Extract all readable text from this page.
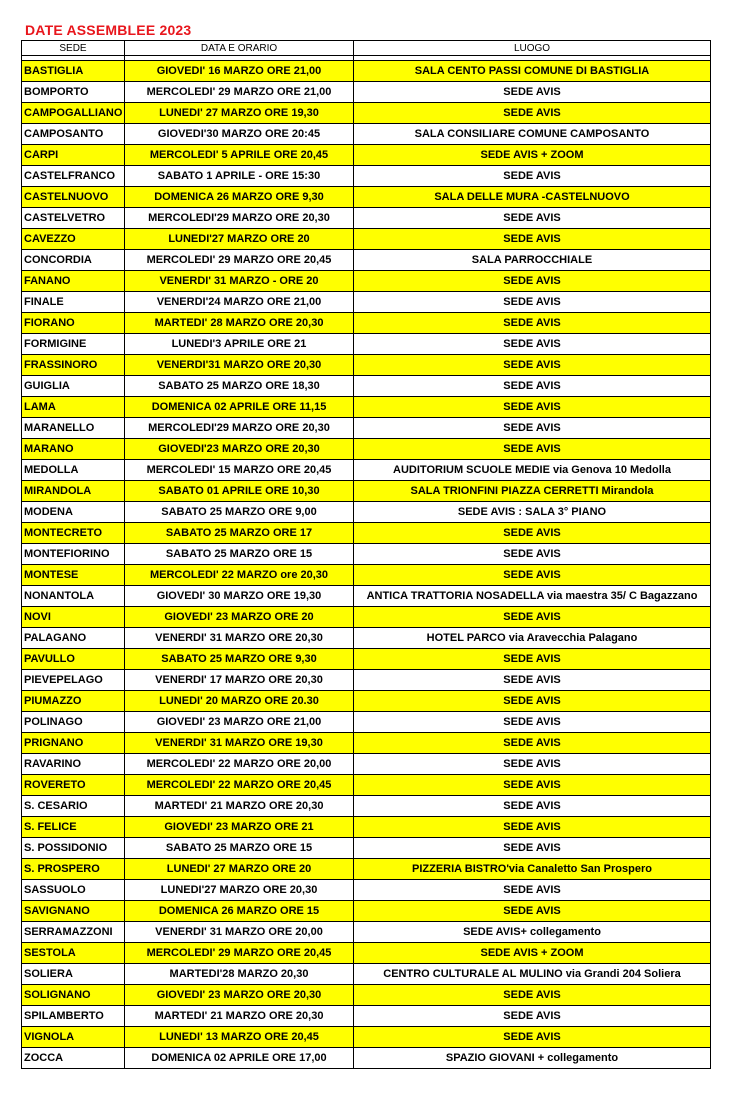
DATE ASSEMBLEE 2023
SEDE	DATA E ORARIO	LUOGO

BASTIGLIA	GIOVEDI' 16 MARZO ORE 21,00	SALA CENTO PASSI COMUNE DI BASTIGLIA
BOMPORTO	MERCOLEDI' 29 MARZO ORE 21,00	SEDE AVIS
CAMPOGALLIANO	LUNEDI' 27 MARZO ORE 19,30	SEDE AVIS
CAMPOSANTO	GIOVEDI'30 MARZO ORE 20:45	SALA CONSILIARE COMUNE CAMPOSANTO
CARPI	MERCOLEDI' 5 APRILE ORE 20,45	SEDE AVIS + ZOOM
CASTELFRANCO	SABATO 1 APRILE - ORE 15:30	SEDE AVIS
CASTELNUOVO	DOMENICA 26 MARZO ORE 9,30	SALA DELLE MURA -CASTELNUOVO
CASTELVETRO	MERCOLEDI'29 MARZO ORE 20,30	SEDE AVIS
CAVEZZO	LUNEDI'27 MARZO ORE 20	SEDE AVIS
CONCORDIA	MERCOLEDI' 29 MARZO ORE 20,45	SALA PARROCCHIALE
FANANO	VENERDI' 31 MARZO - ORE 20	SEDE AVIS
FINALE	VENERDI'24 MARZO ORE 21,00	SEDE AVIS
FIORANO	MARTEDI' 28 MARZO ORE 20,30	SEDE AVIS
FORMIGINE	LUNEDI'3 APRILE ORE 21	SEDE AVIS
FRASSINORO	VENERDI'31 MARZO ORE 20,30	SEDE AVIS
GUIGLIA	SABATO 25 MARZO ORE 18,30	SEDE AVIS
LAMA	DOMENICA 02 APRILE ORE 11,15	SEDE AVIS
MARANELLO	MERCOLEDI'29 MARZO ORE 20,30	SEDE AVIS
MARANO	GIOVEDI'23 MARZO ORE 20,30	SEDE AVIS
MEDOLLA	MERCOLEDI' 15 MARZO ORE 20,45	AUDITORIUM SCUOLE MEDIE via Genova 10 Medolla
MIRANDOLA	SABATO 01 APRILE ORE 10,30	SALA TRIONFINI PIAZZA CERRETTI Mirandola
MODENA	SABATO 25 MARZO ORE 9,00	SEDE AVIS : SALA 3° PIANO
MONTECRETO	SABATO 25 MARZO ORE 17	SEDE AVIS
MONTEFIORINO	SABATO 25 MARZO ORE 15	SEDE AVIS
MONTESE	MERCOLEDI' 22 MARZO ore 20,30	SEDE AVIS
NONANTOLA	GIOVEDI' 30 MARZO ORE 19,30	ANTICA TRATTORIA NOSADELLA via maestra 35/ C Bagazzano
NOVI	GIOVEDI' 23 MARZO ORE 20	SEDE AVIS
PALAGANO	VENERDI' 31 MARZO ORE 20,30	HOTEL PARCO via Aravecchia Palagano
PAVULLO	SABATO 25 MARZO ORE 9,30	SEDE AVIS
PIEVEPELAGO	VENERDI' 17 MARZO ORE 20,30	SEDE AVIS
PIUMAZZO	LUNEDI' 20 MARZO ORE 20.30	SEDE AVIS
POLINAGO	GIOVEDI' 23 MARZO ORE 21,00	SEDE AVIS
PRIGNANO	VENERDI' 31 MARZO ORE 19,30	SEDE AVIS
RAVARINO	MERCOLEDI' 22 MARZO ORE 20,00	SEDE AVIS
ROVERETO	MERCOLEDI' 22 MARZO ORE 20,45	SEDE AVIS
S. CESARIO	MARTEDI' 21 MARZO ORE 20,30	SEDE AVIS
S. FELICE	GIOVEDI' 23 MARZO ORE 21	SEDE AVIS
S. POSSIDONIO	SABATO 25 MARZO ORE 15	SEDE AVIS
S. PROSPERO	LUNEDI' 27 MARZO ORE 20	PIZZERIA BISTRO'via Canaletto San Prospero
SASSUOLO	LUNEDI'27 MARZO ORE 20,30	SEDE AVIS
SAVIGNANO	DOMENICA 26 MARZO ORE 15	SEDE AVIS
SERRAMAZZONI	VENERDI' 31 MARZO ORE 20,00	SEDE AVIS+ collegamento
SESTOLA	MERCOLEDI' 29 MARZO ORE 20,45	SEDE AVIS + ZOOM
SOLIERA	MARTEDI'28 MARZO 20,30	CENTRO CULTURALE AL MULINO via Grandi 204 Soliera
SOLIGNANO	GIOVEDI' 23 MARZO ORE 20,30	SEDE AVIS
SPILAMBERTO	MARTEDI' 21 MARZO ORE 20,30	SEDE AVIS
VIGNOLA	LUNEDI' 13 MARZO ORE 20,45	SEDE AVIS
ZOCCA	DOMENICA 02 APRILE ORE 17,00	SPAZIO GIOVANI + collegamento
